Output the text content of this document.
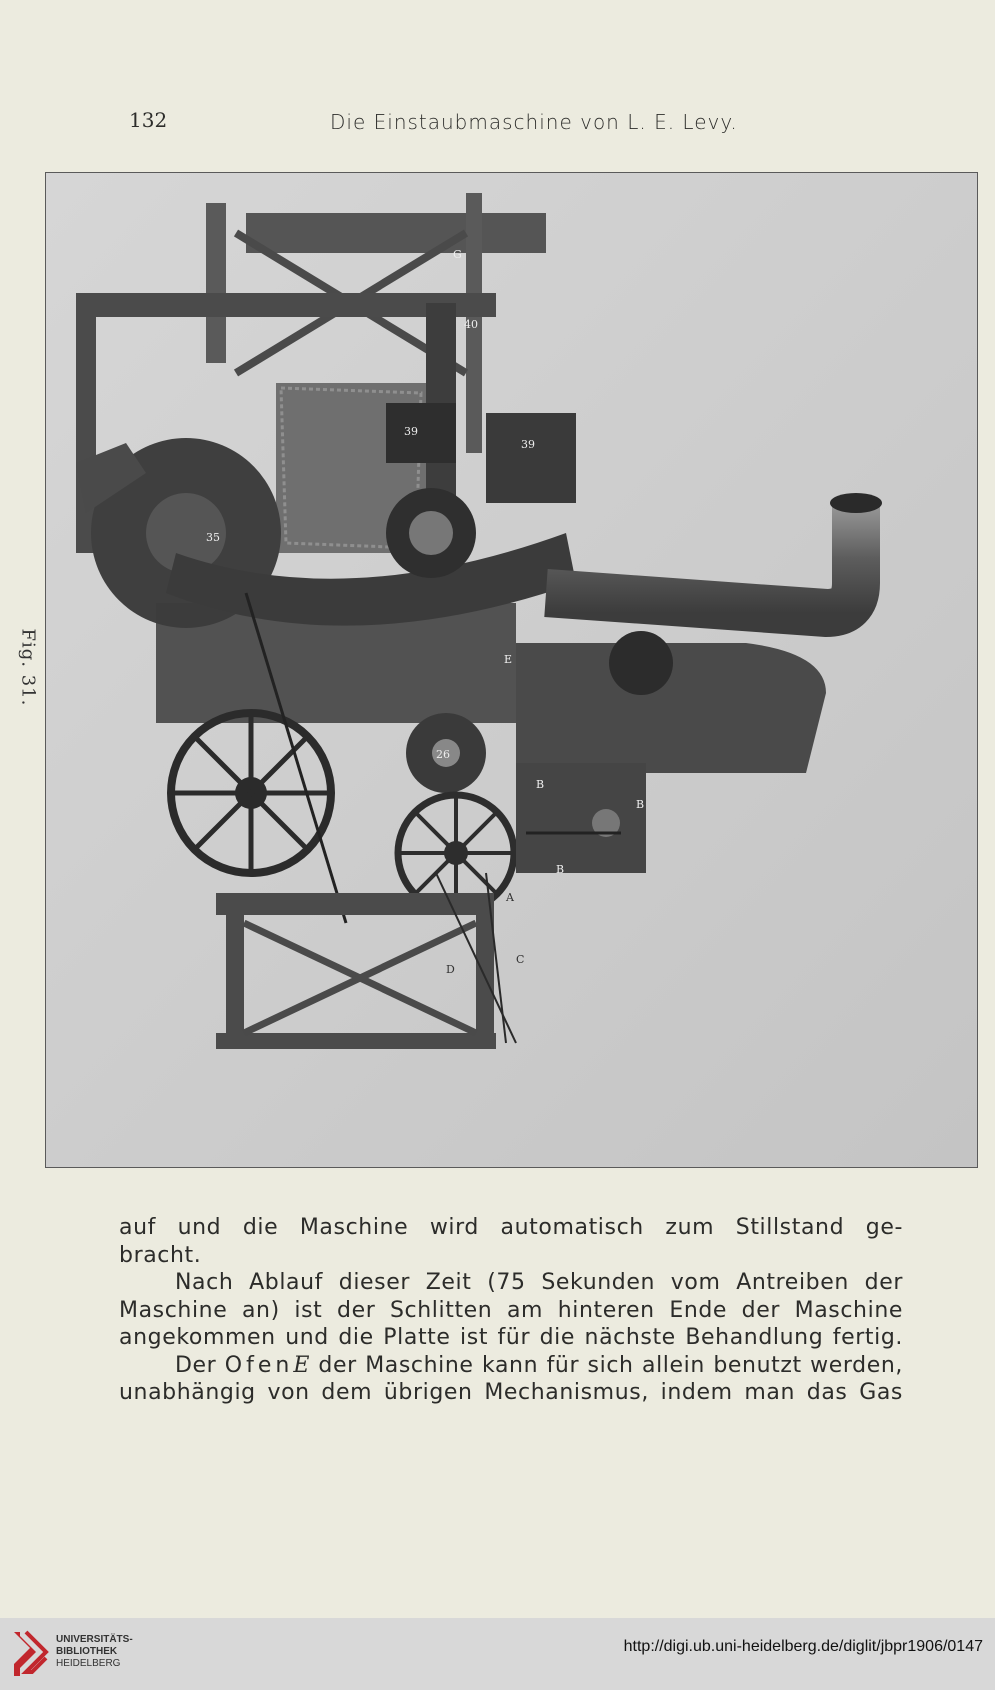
132	Die Einstaubmaschine von L. E. Levy.
Fig. 31.
G
40
39
39
35
E
26
B
B
B
A
C
D
auf und die Maschine wird automatisch zum Stillstand ge-
bracht.
Nach Ablauf dieser Zeit (75 Sekunden vom Antreiben der
Maschine an) ist der Schlitten am hinteren Ende der Maschine
angekommen und die Platte ist für die nächste Behandlung fertig.
Der OfenE der Maschine kann für sich allein benutzt werden,
unabhängig von dem übrigen Mechanismus, indem man das Gas
UNIVERSITÄTS-
BIBLIOTHEK
HEIDELBERG
http://digi.ub.uni-heidelberg.de/diglit/jbpr1906/0147
